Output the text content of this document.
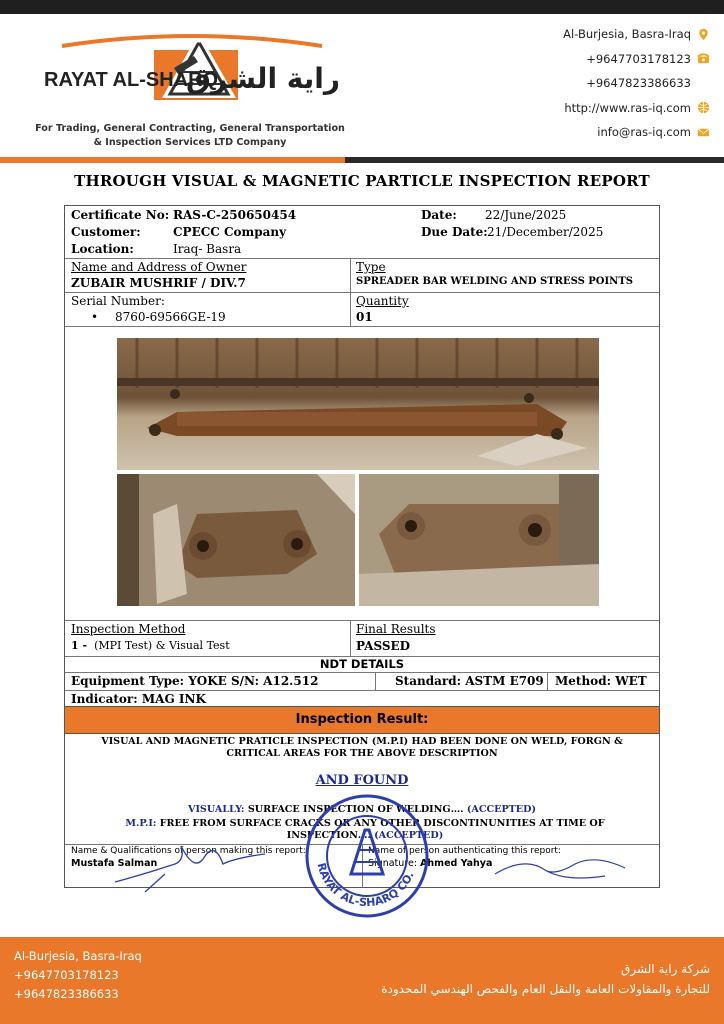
RAYAT AL-SHARQ
راية الشرق
For Trading, General Contracting, General Transportation
& Inspection Services LTD Company
Al-Burjesia, Basra-Iraq
+9647703178123
+9647823386633
http://www.ras-iq.com
info@ras-iq.com
THROUGH VISUAL & MAGNETIC PARTICLE INSPECTION REPORT
Certificate No: RAS-C-250650454
Customer:	CPECC Company
Location:	Iraq- Basra
Date: 22/June/2025
Due Date: 21/December/2025
Name and Address of Owner
ZUBAIR MUSHRIF / DIV.7
Type
SPREADER BAR WELDING AND STRESS POINTS
Serial Number:
• 8760-69566GE-19
Quantity
01
Inspection Method
1 - (MPI Test) & Visual Test
Final Results
PASSED
NDT DETAILS
Equipment Type: YOKE S/N: A12.512	Standard: ASTM E709 Method: WET
Indicator: MAG INK
Inspection Result:
VISUAL AND MAGNETIC PRATICLE INSPECTION (M.P.I) HAD BEEN DONE ON WELD, FORGN & CRITICAL AREAS FOR THE ABOVE DESCRIPTION
AND FOUND
VISUALLY: SURFACE INSPECTION OF WELDING…. (ACCEPTED)
M.P.I: FREE FROM SURFACE CRACKS OR ANY OTHER DISCONTINUNITIES AT TIME OF INSPECTION…. (ACCEPTED)
Name & Qualifications of person making this report:
Mustafa Salman
Name of person authenticating this report:
Signature: Ahmed Yahya
RAYAT AL-SHARQ CO.
Al-Burjesia, Basra-Iraq
+9647703178123
+9647823386633
شركة راية الشرق
للتجارة والمقاولات العامة والنقل العام والفحص الهندسي المحدودة
